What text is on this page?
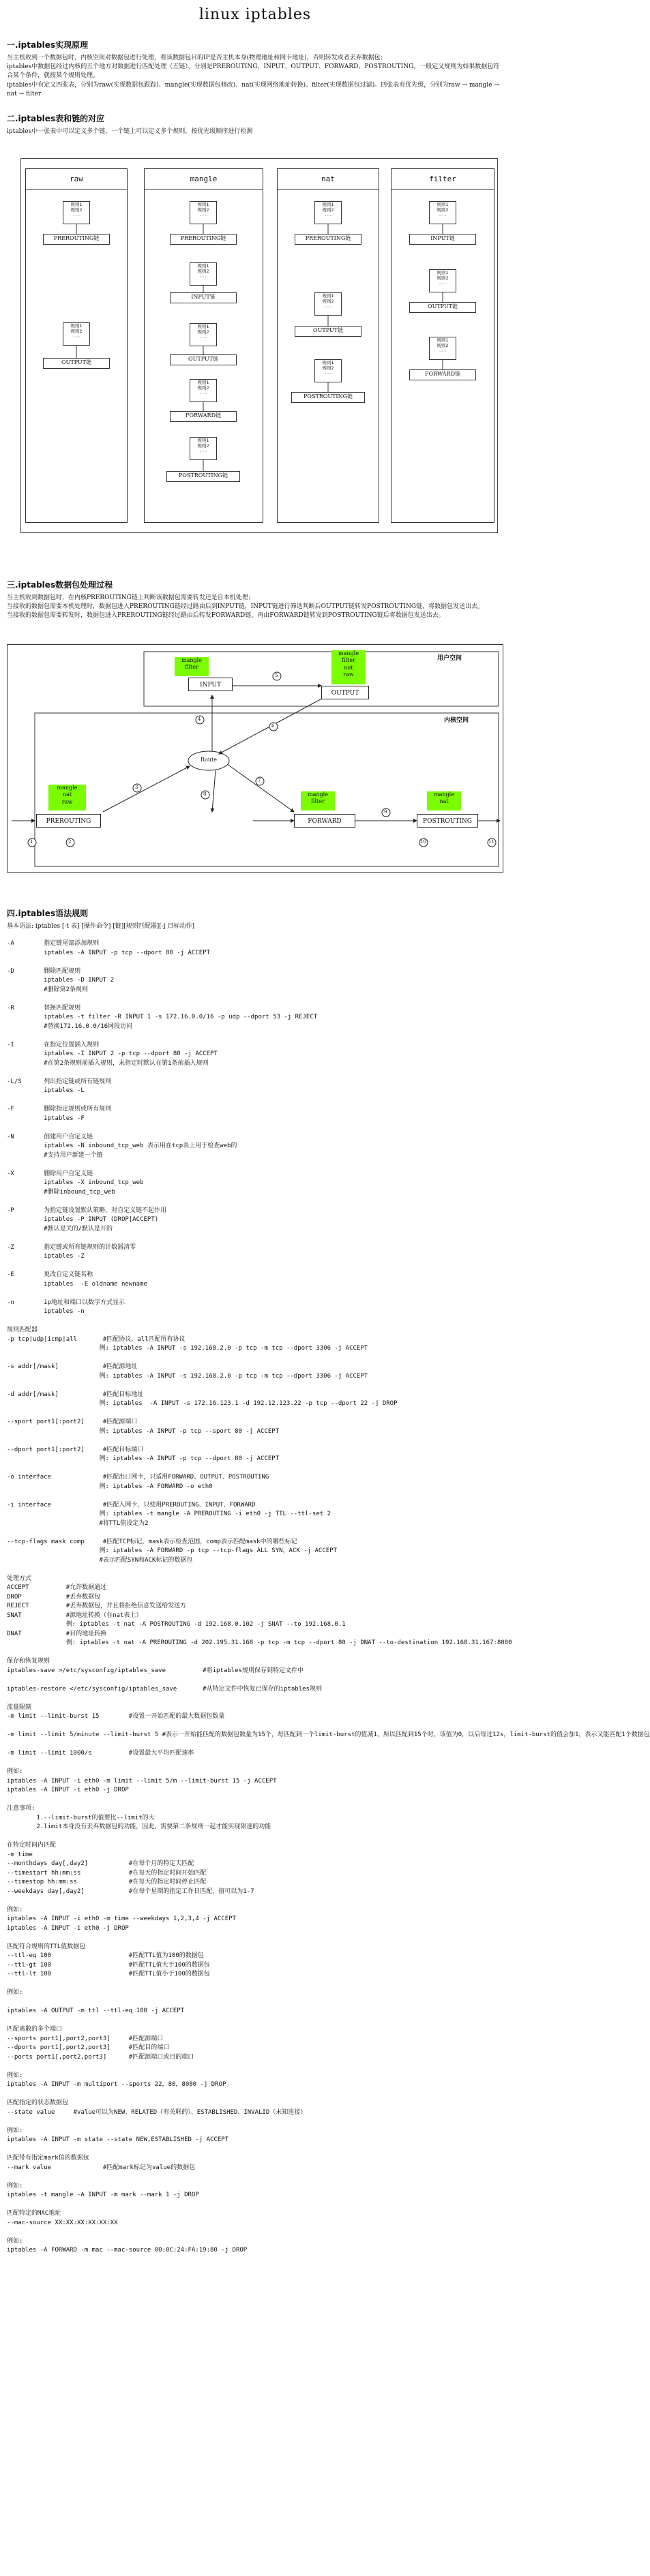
linux iptables
一.iptables实现原理

当主机收到一个数据包时，内核空间对数据包进行处理，看该数据包目的IP是否主机本身(物理地址和网卡地址)，否则转发或者丢弃数据包；

iptables中数据包经过内核的五个地方对数据进行匹配处理（五链），分别是PREROUTING、INPUT、OUTPUT、FORWARD、POSTROUTING。一般定义规则为如果数据包符合某个条件，就按某个规则处理。

iptables中有定义四张表，分别为raw(实现数据包跟踪)、mangle(实现数据包修改)、nat(实现网络地址转换)、filter(实现数据包过滤)。四张表有优先级，分别为raw → mangle → nat → filter

二.iptables表和链的对应

iptables中一张表中可以定义多个链，一个链上可以定义多个规则，按优先级顺序进行检测

raw	mangle	nat	filter
规则1
规则2
···
PREROUTING链
规则1
规则2
···
OUTPUT链
规则1
规则2
···
PREROUTING链
规则1
规则2
···
INPUT链
规则1
规则2
···
OUTPUT链
规则1
规则2
···
FORWARD链
规则1
规则2
···
POSTROUTING链
规则1
规则2
···
PREROUTING链
规则1
规则2
···
OUTPUT链
规则1
规则2
···
POSTROUTING链
规则1
规则2
···
INPUT链
规则1
规则2
···
OUTPUT链
规则1
规则2
···
FORWARD链
三.iptables数据包处理过程

当主机收到数据包时，在内核PREROUTING链上判断该数据包需要转发还是自本机处理；

当接收的数据包需要本机处理时，数据包进入PREROUTING链经过路由后到INPUT链，INPUT链进行筛选判断后OUTPUT链转发POSTROUTING链，将数据包发送出去。

当接收的数据包需要转发时，数据包进入PREROUTING链经过路由后转发FORWARD链，再由FORWARD链转发到POSTROUTING链后将数据包发送出去。

用户空间
内核空间
mangle
filter
mangle
filter
nat
raw
mangle
nat
raw
mangle
filter
mangle
nat
INPUT
OUTPUT
Route
PREROUTING	FORWARD	POSTROUTING
1	2
3
4
5
6
7
8
9
10	11
四.iptables语法规则

基本语法: iptables [-t 表] [操作命令] [链][规则匹配器][-j 目标动作]

-A        指定链尾部添加规则
iptables -A INPUT -p tcp --dport 80 -j ACCEPT

-D        删除匹配规则
iptables -D INPUT 2
#删除第2条规则

-R        替换匹配规则
iptables -t filter -R INPUT 1 -s 172.16.0.0/16 -p udp --dport 53 -j REJECT
#替换172.16.0.0/16网段访问

-I        在指定位置插入规则
iptables -I INPUT 2 -p tcp --dport 80 -j ACCEPT
#在第2条规则前插入规则，未指定时默认在第1条前插入规则

-L/S      列出指定链或所有链规则
iptables -L

-F        删除指定规则或所有规则
iptables -F

-N        创建用户自定义链
iptables -N inbound_tcp_web 表示用在tcp表上用于检查web的
#支持用户新建一个链

-X        删除用户自定义链
iptables -X inbound_tcp_web
#删除inbound_tcp_web

-P        为指定链设置默认策略，对自定义链不起作用
iptables -P INPUT (DROP|ACCEPT)
#默认是关的/默认是开的

-Z        指定链或所有链规则的计数器清零
iptables -Z

-E        更改自定义链名称
iptables  -E oldname newname

-n        ip地址和端口以数字方式显示
iptables -n

规则匹配器
-p tcp|udp|icmp|all       #匹配协议，all匹配所有协议
例: iptables -A INPUT -s 192.168.2.0 -p tcp -m tcp --dport 3306 -j ACCEPT

-s addr[/mask]            #匹配源地址
例: iptables -A INPUT -s 192.168.2.0 -p tcp -m tcp --dport 3306 -j ACCEPT

-d addr[/mask]            #匹配目标地址
例: iptables  -A INPUT -s 172.16.123.1 -d 192.12.123.22 -p tcp --dport 22 -j DROP

--sport port1[:port2]     #匹配源端口
例: iptables -A INPUT -p tcp --sport 80 -j ACCEPT

--dport port1[:port2]     #匹配目标端口
例: iptables -A INPUT -p tcp --dport 80 -j ACCEPT

-o interface              #匹配出口网卡，只适用FORWARD、OUTPUT、POSTROUTING
例: iptables -A FORWARD -o eth0

-i interface              #匹配入网卡，只使用PREROUTING、INPUT、FORWARD
例: iptables -t mangle -A PREROUTING -i eth0 -j TTL --ttl-set 2
#将TTL值设定为2

--tcp-flags mask comp     #匹配TCP标记，mask表示检查范围，comp表示匹配mask中的哪些标记
例: iptables -A FORWARD -p tcp --tcp-flags ALL SYN，ACK -j ACCEPT
#表示匹配SYN和ACK标记的数据包

处理方式
ACCEPT          #允许数据通过
DROP            #丢弃数据包
REJECT          #丢弃数据包，并且将拒绝信息发送给发送方
SNAT            #源地址转换（在nat表上）
例: iptables -t nat -A POSTROUTING -d 192.168.0.102 -j SNAT --to 192.168.0.1
DNAT            #目的地址转换
例: iptables -t nat -A PREROUTING -d 202.195.31.168 -p tcp -m tcp --dport 80 -j DNAT --to-destination 192.168.31.167:8080

保存和恢复规则
iptables-save >/etc/sysconfig/iptables_save          #将iptables规则保存到特定文件中

iptables-restore </etc/sysconfig/iptables_save       #从特定文件中恢复已保存的iptables规则

流量限制
-m limit --limit-burst 15        #设置一开始匹配的最大数据包数量

-m limit --limit 5/minute --limit-burst 5 #表示一开始能匹配的数据包数量为15个，每匹配到一个limit-burst的值减1，所以匹配到15个时，该值为0，以后每过12s，limit-burst的值会加1，表示又能匹配1个数据包

-m limit --limit 1000/s          #设置最大平均匹配速率

例如:
iptables -A INPUT -i eth0 -m limit --limit 5/m --limit-burst 15 -j ACCEPT
iptables -A INPUT -i eth0 -j DROP

注意事项:
1.--limit-burst的值要比--limit的大
2.limit本身没有丢弃数据包的功能，因此，需要第二条规则一起才能实现限速的功能

在特定时间内匹配
-m time
--monthdays day[,day2]           #在每个月的特定天匹配
--timestart hh:mm:ss             #在每天的指定时间开始匹配
--timestop hh:mm:ss              #在每天的指定时间停止匹配
--weekdays day[,day2]            #在每个星期的指定工作日匹配，值可以为1-7

例如:
iptables -A INPUT -i eth0 -m time --weekdays 1,2,3,4 -j ACCEPT
iptables -A INPUT -i eth0 -j DROP

匹配符合规则的TTL值数据包
--ttl-eq 100                     #匹配TTL值为100的数据包
--ttl-gt 100                     #匹配TTL值大于100的数据包
--ttl-lt 100                     #匹配TTL值小于100的数据包

例如:

iptables -A OUTPUT -m ttl --ttl-eq 100 -j ACCEPT

匹配离散的多个端口
--sports port1[,port2,port3]     #匹配源端口
--dports port1[,port2,port3]     #匹配目的端口
--ports port1[,port2,port3]      #匹配源端口或目的端口

例如:
iptables -A INPUT -m multiport --sports 22，80，8080 -j DROP

匹配指定的状态数据包
--state value     #value可以为NEW、RELATED（有关联的）、ESTABLISHED、INVALID（未知连接）

例如:
iptables -A INPUT -m state --state NEW,ESTABLISHED -j ACCEPT

匹配带有指定mark值的数据包
--mark value              #匹配mark标记为value的数据包

例如:
iptables -t mangle -A INPUT -m mark --mark 1 -j DROP

匹配特定的MAC地址
--mac-source XX:XX:XX:XX:XX:XX

例如:
iptables -A FORWARD -m mac --mac-source 00:0C:24:FA:19:80 -j DROP
